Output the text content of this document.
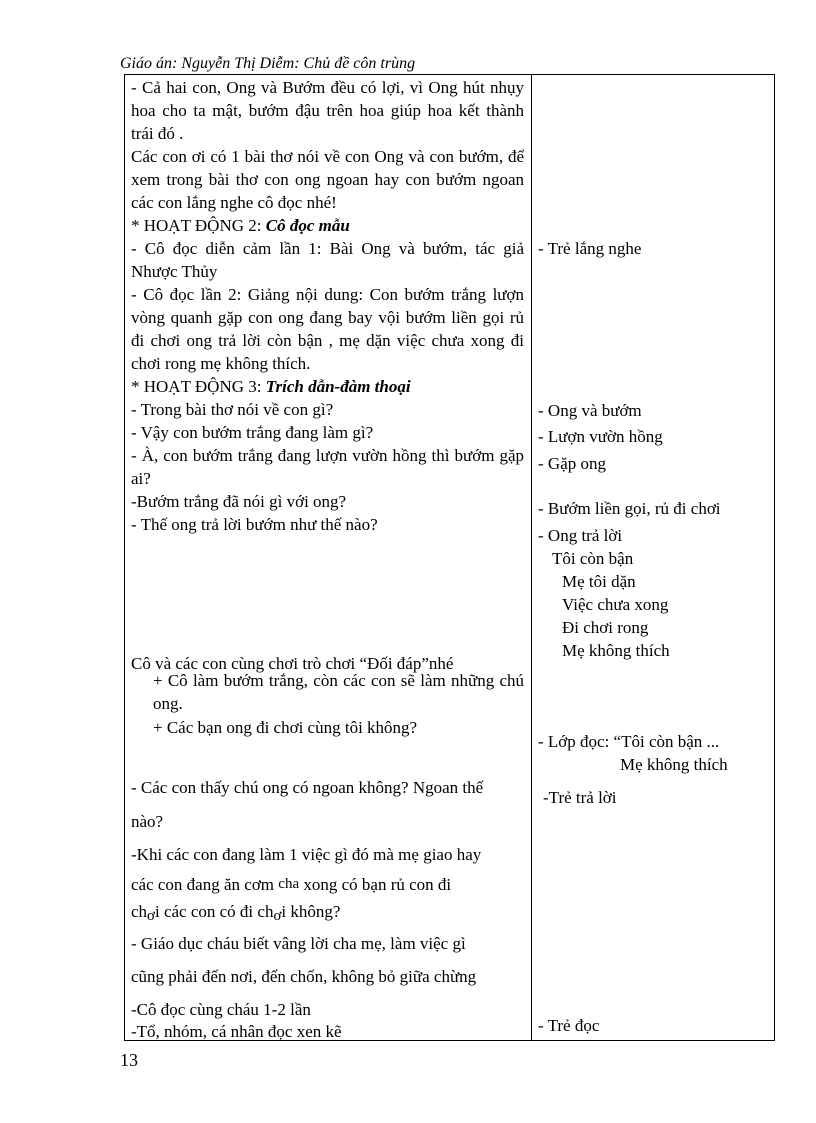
Giáo án: Nguyễn Thị Diễm: Chủ đề côn trùng
- Cả hai con, Ong và Bướm đều có lợi, vì Ong hút nhụy hoa cho ta mật, bướm đậu trên hoa giúp hoa kết thành trái đó .
Các con ơi có 1 bài thơ nói về con Ong và con bướm, để xem trong bài thơ con ong ngoan hay con bướm ngoan các con lắng nghe cô đọc nhé!
* HOẠT ĐỘNG 2: Cô đọc mẫu
- Cô đọc diễn cảm lần 1: Bài Ong và bướm, tác giả Nhược Thủy
- Cô đọc lần 2: Giảng nội dung: Con bướm trắng lượn vòng quanh gặp con ong đang bay vội bướm liền gọi rủ đi chơi ong trả lời còn bận , mẹ dặn việc chưa xong đi chơi rong mẹ không thích.
* HOẠT ĐỘNG 3: Trích dẫn-đàm thoại
- Trong bài thơ nói về con gì?
- Vậy con bướm trắng đang làm gì?
- À, con bướm trắng đang lượn vườn hồng thì bướm gặp ai?
-Bướm trắng đã nói gì với ong?
- Thế ong trả lời bướm như thế nào?
Cô và các con cùng chơi trò chơi “Đối đáp”nhé
+ Cô làm bướm trắng, còn các con sẽ làm những chú ong.
+ Các bạn ong đi chơi cùng tôi không?
- Các con thấy chú ong có ngoan không? Ngoan thế
nào?
-Khi các con đang làm 1 việc gì đó mà mẹ giao hay
các con đang ăn cơm cha xong có bạn rủ con đi
chơi các con có đi chơi không?
- Giáo dục cháu biết vâng lời cha mẹ, làm việc gì
cũng phải đến nơi, đến chốn, không bỏ giữa chừng
-Cô đọc cùng cháu 1-2 lần
-Tổ, nhóm, cá nhân đọc xen kẽ
- Trẻ lắng nghe
- Ong và bướm
- Lượn vườn hồng
- Gặp ong
- Bướm liền gọi, rủ đi chơi
- Ong trả lời
Tôi còn bận
Mẹ tôi dặn
Việc chưa xong
Đi chơi rong
Mẹ không thích
- Lớp đọc: “Tôi còn bận ...
Mẹ không thích
-Trẻ trả lời
- Trẻ đọc
13
